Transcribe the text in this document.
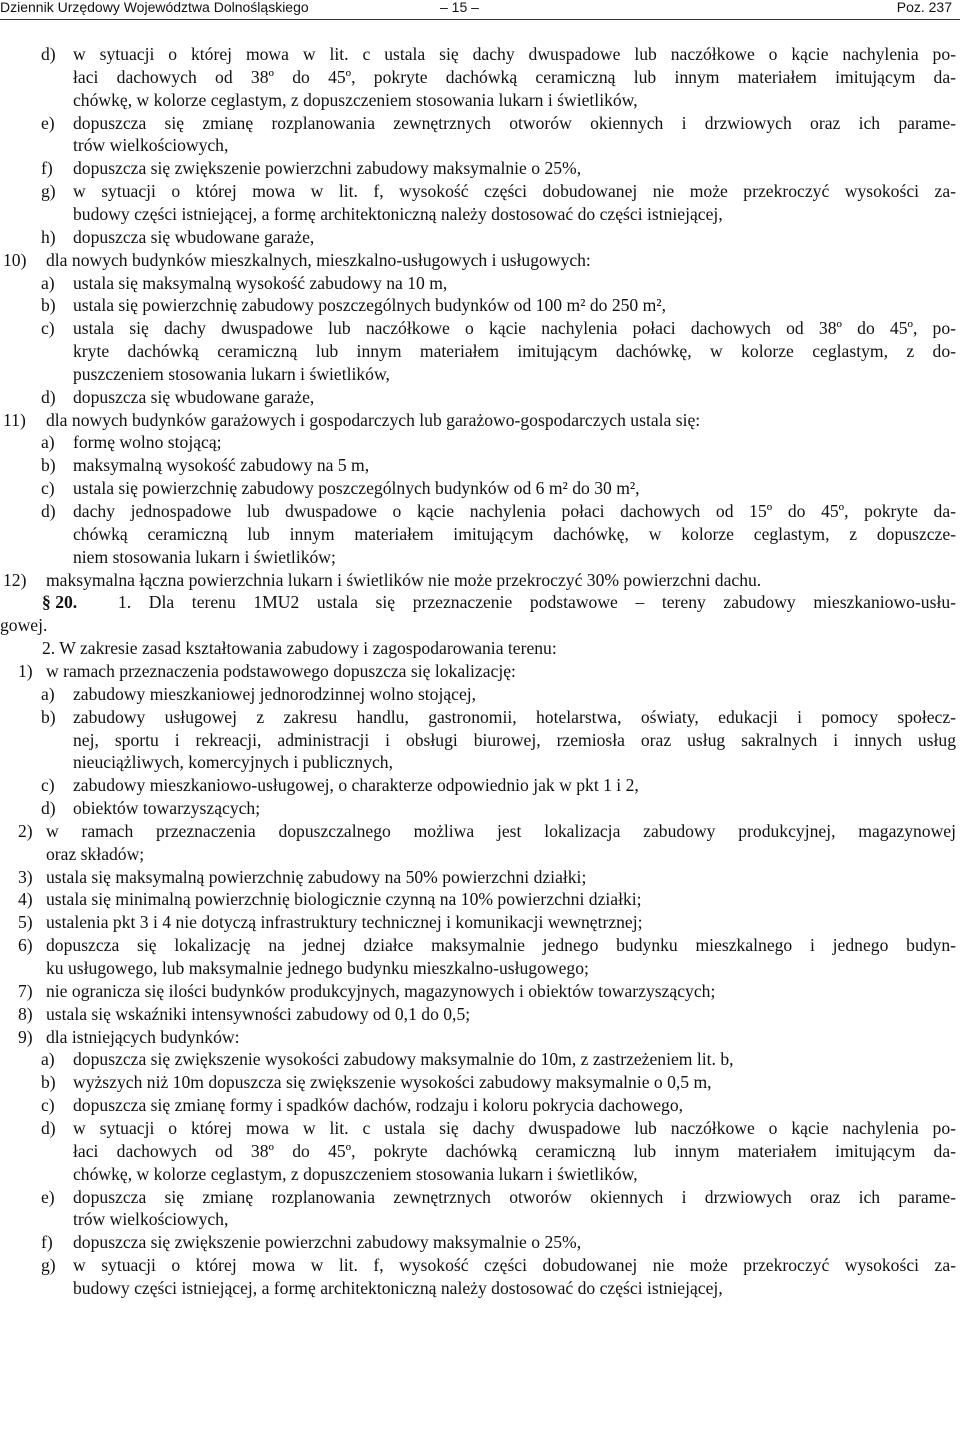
Dziennik Urzędowy Województwa Dolnośląskiego	– 15 –	Poz. 237
d) w sytuacji o której mowa w lit. c ustala się dachy dwuspadowe lub naczółkowe o kącie nachylenia po-
łaci dachowych od 38º do 45º, pokryte dachówką ceramiczną lub innym materiałem imitującym da-
chówkę, w kolorze ceglastym, z dopuszczeniem stosowania lukarn i świetlików,
e) dopuszcza się zmianę rozplanowania zewnętrznych otworów okiennych i drzwiowych oraz ich parame-
trów wielkościowych,
f) dopuszcza się zwiększenie powierzchni zabudowy maksymalnie o 25%,
g) w sytuacji o której mowa w lit. f, wysokość części dobudowanej nie może przekroczyć wysokości za-
budowy części istniejącej, a formę architektoniczną należy dostosować do części istniejącej,
h) dopuszcza się wbudowane garaże,
10) dla nowych budynków mieszkalnych, mieszkalno-usługowych i usługowych:
a) ustala się maksymalną wysokość zabudowy na 10 m,
b) ustala się powierzchnię zabudowy poszczególnych budynków od 100 m² do 250 m²,
c) ustala się dachy dwuspadowe lub naczółkowe o kącie nachylenia połaci dachowych od 38º do 45º, po-
kryte dachówką ceramiczną lub innym materiałem imitującym dachówkę, w kolorze ceglastym, z do-
puszczeniem stosowania lukarn i świetlików,
d) dopuszcza się wbudowane garaże,
11) dla nowych budynków garażowych i gospodarczych lub garażowo-gospodarczych ustala się:
a) formę wolno stojącą;
b) maksymalną wysokość zabudowy na 5 m,
c) ustala się powierzchnię zabudowy poszczególnych budynków od 6 m² do 30 m²,
d) dachy jednospadowe lub dwuspadowe o kącie nachylenia połaci dachowych od 15º do 45º, pokryte da-
chówką ceramiczną lub innym materiałem imitującym dachówkę, w kolorze ceglastym, z dopuszcze-
niem stosowania lukarn i świetlików;
12) maksymalna łączna powierzchnia lukarn i świetlików nie może przekroczyć 30% powierzchni dachu.
§ 20. 1. Dla terenu 1MU2 ustala się przeznaczenie podstawowe – tereny zabudowy mieszkaniowo-usłu-
gowej.
2. W zakresie zasad kształtowania zabudowy i zagospodarowania terenu:
1) w ramach przeznaczenia podstawowego dopuszcza się lokalizację:
a) zabudowy mieszkaniowej jednorodzinnej wolno stojącej,
b) zabudowy usługowej z zakresu handlu, gastronomii, hotelarstwa, oświaty, edukacji i pomocy społecz-
nej, sportu i rekreacji, administracji i obsługi biurowej, rzemiosła oraz usług sakralnych i innych usług
nieuciążliwych, komercyjnych i publicznych,
c) zabudowy mieszkaniowo-usługowej, o charakterze odpowiednio jak w pkt 1 i 2,
d) obiektów towarzyszących;
2) w ramach przeznaczenia dopuszczalnego możliwa jest lokalizacja zabudowy produkcyjnej, magazynowej
oraz składów;
3) ustala się maksymalną powierzchnię zabudowy na 50% powierzchni działki;
4) ustala się minimalną powierzchnię biologicznie czynną na 10% powierzchni działki;
5) ustalenia pkt 3 i 4 nie dotyczą infrastruktury technicznej i komunikacji wewnętrznej;
6) dopuszcza się lokalizację na jednej działce maksymalnie jednego budynku mieszkalnego i jednego budyn-
ku usługowego, lub maksymalnie jednego budynku mieszkalno-usługowego;
7) nie ogranicza się ilości budynków produkcyjnych, magazynowych i obiektów towarzyszących;
8) ustala się wskaźniki intensywności zabudowy od 0,1 do 0,5;
9) dla istniejących budynków:
a) dopuszcza się zwiększenie wysokości zabudowy maksymalnie do 10m, z zastrzeżeniem lit. b,
b) wyższych niż 10m dopuszcza się zwiększenie wysokości zabudowy maksymalnie o 0,5 m,
c) dopuszcza się zmianę formy i spadków dachów, rodzaju i koloru pokrycia dachowego,
d) w sytuacji o której mowa w lit. c ustala się dachy dwuspadowe lub naczółkowe o kącie nachylenia po-
łaci dachowych od 38º do 45º, pokryte dachówką ceramiczną lub innym materiałem imitującym da-
chówkę, w kolorze ceglastym, z dopuszczeniem stosowania lukarn i świetlików,
e) dopuszcza się zmianę rozplanowania zewnętrznych otworów okiennych i drzwiowych oraz ich parame-
trów wielkościowych,
f) dopuszcza się zwiększenie powierzchni zabudowy maksymalnie o 25%,
g) w sytuacji o której mowa w lit. f, wysokość części dobudowanej nie może przekroczyć wysokości za-
budowy części istniejącej, a formę architektoniczną należy dostosować do części istniejącej,
